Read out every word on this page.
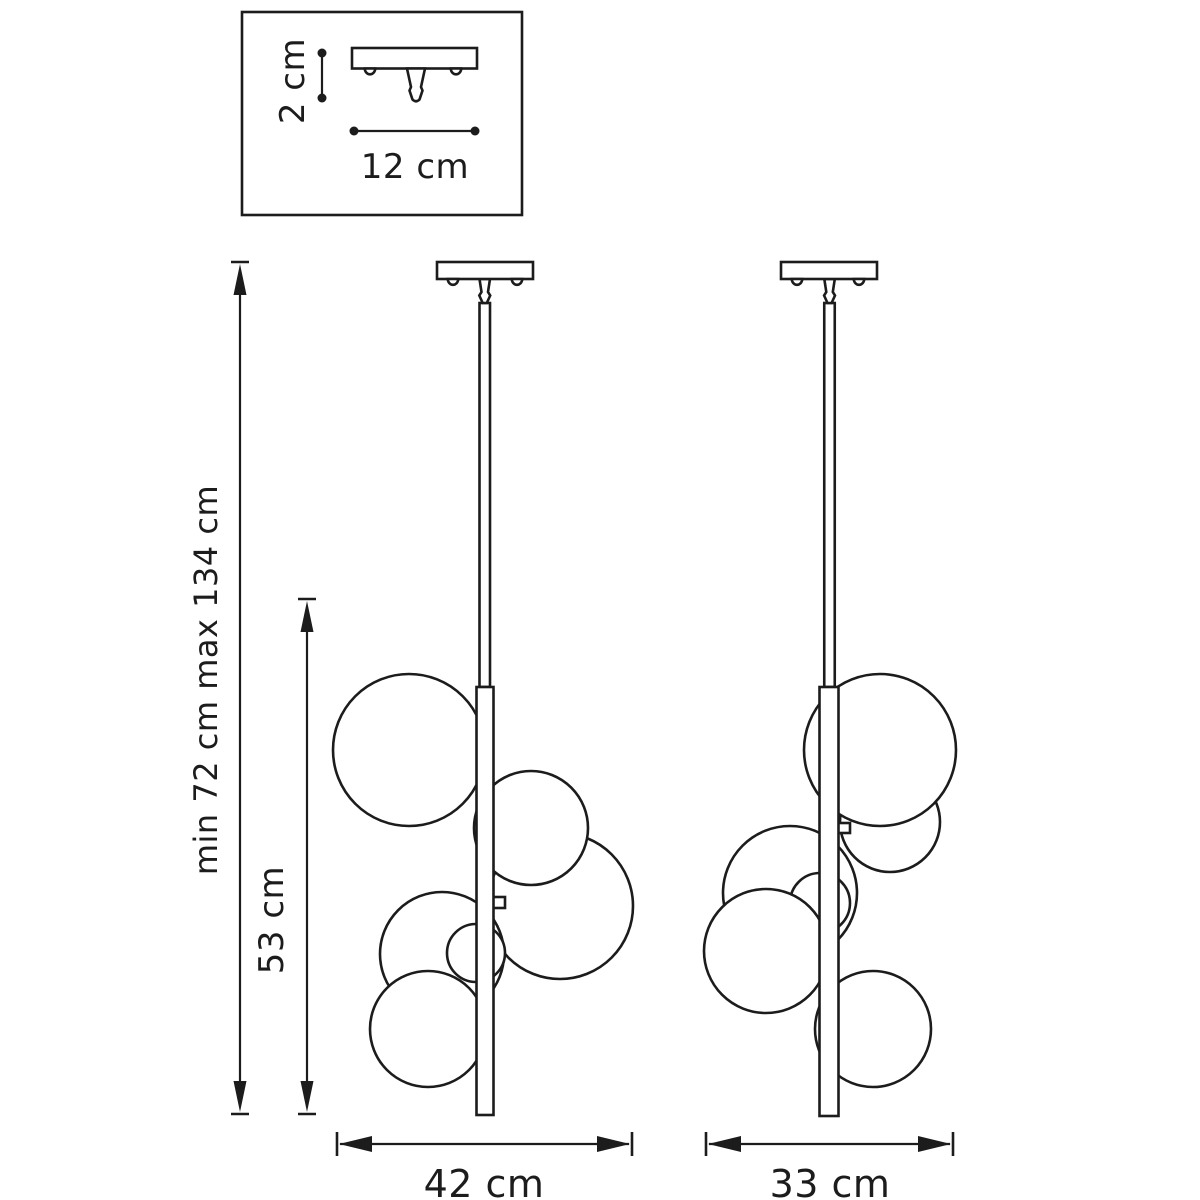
2 cm
12 cm
min 72 cm max 134 cm
53 cm
42 cm	33 cm
